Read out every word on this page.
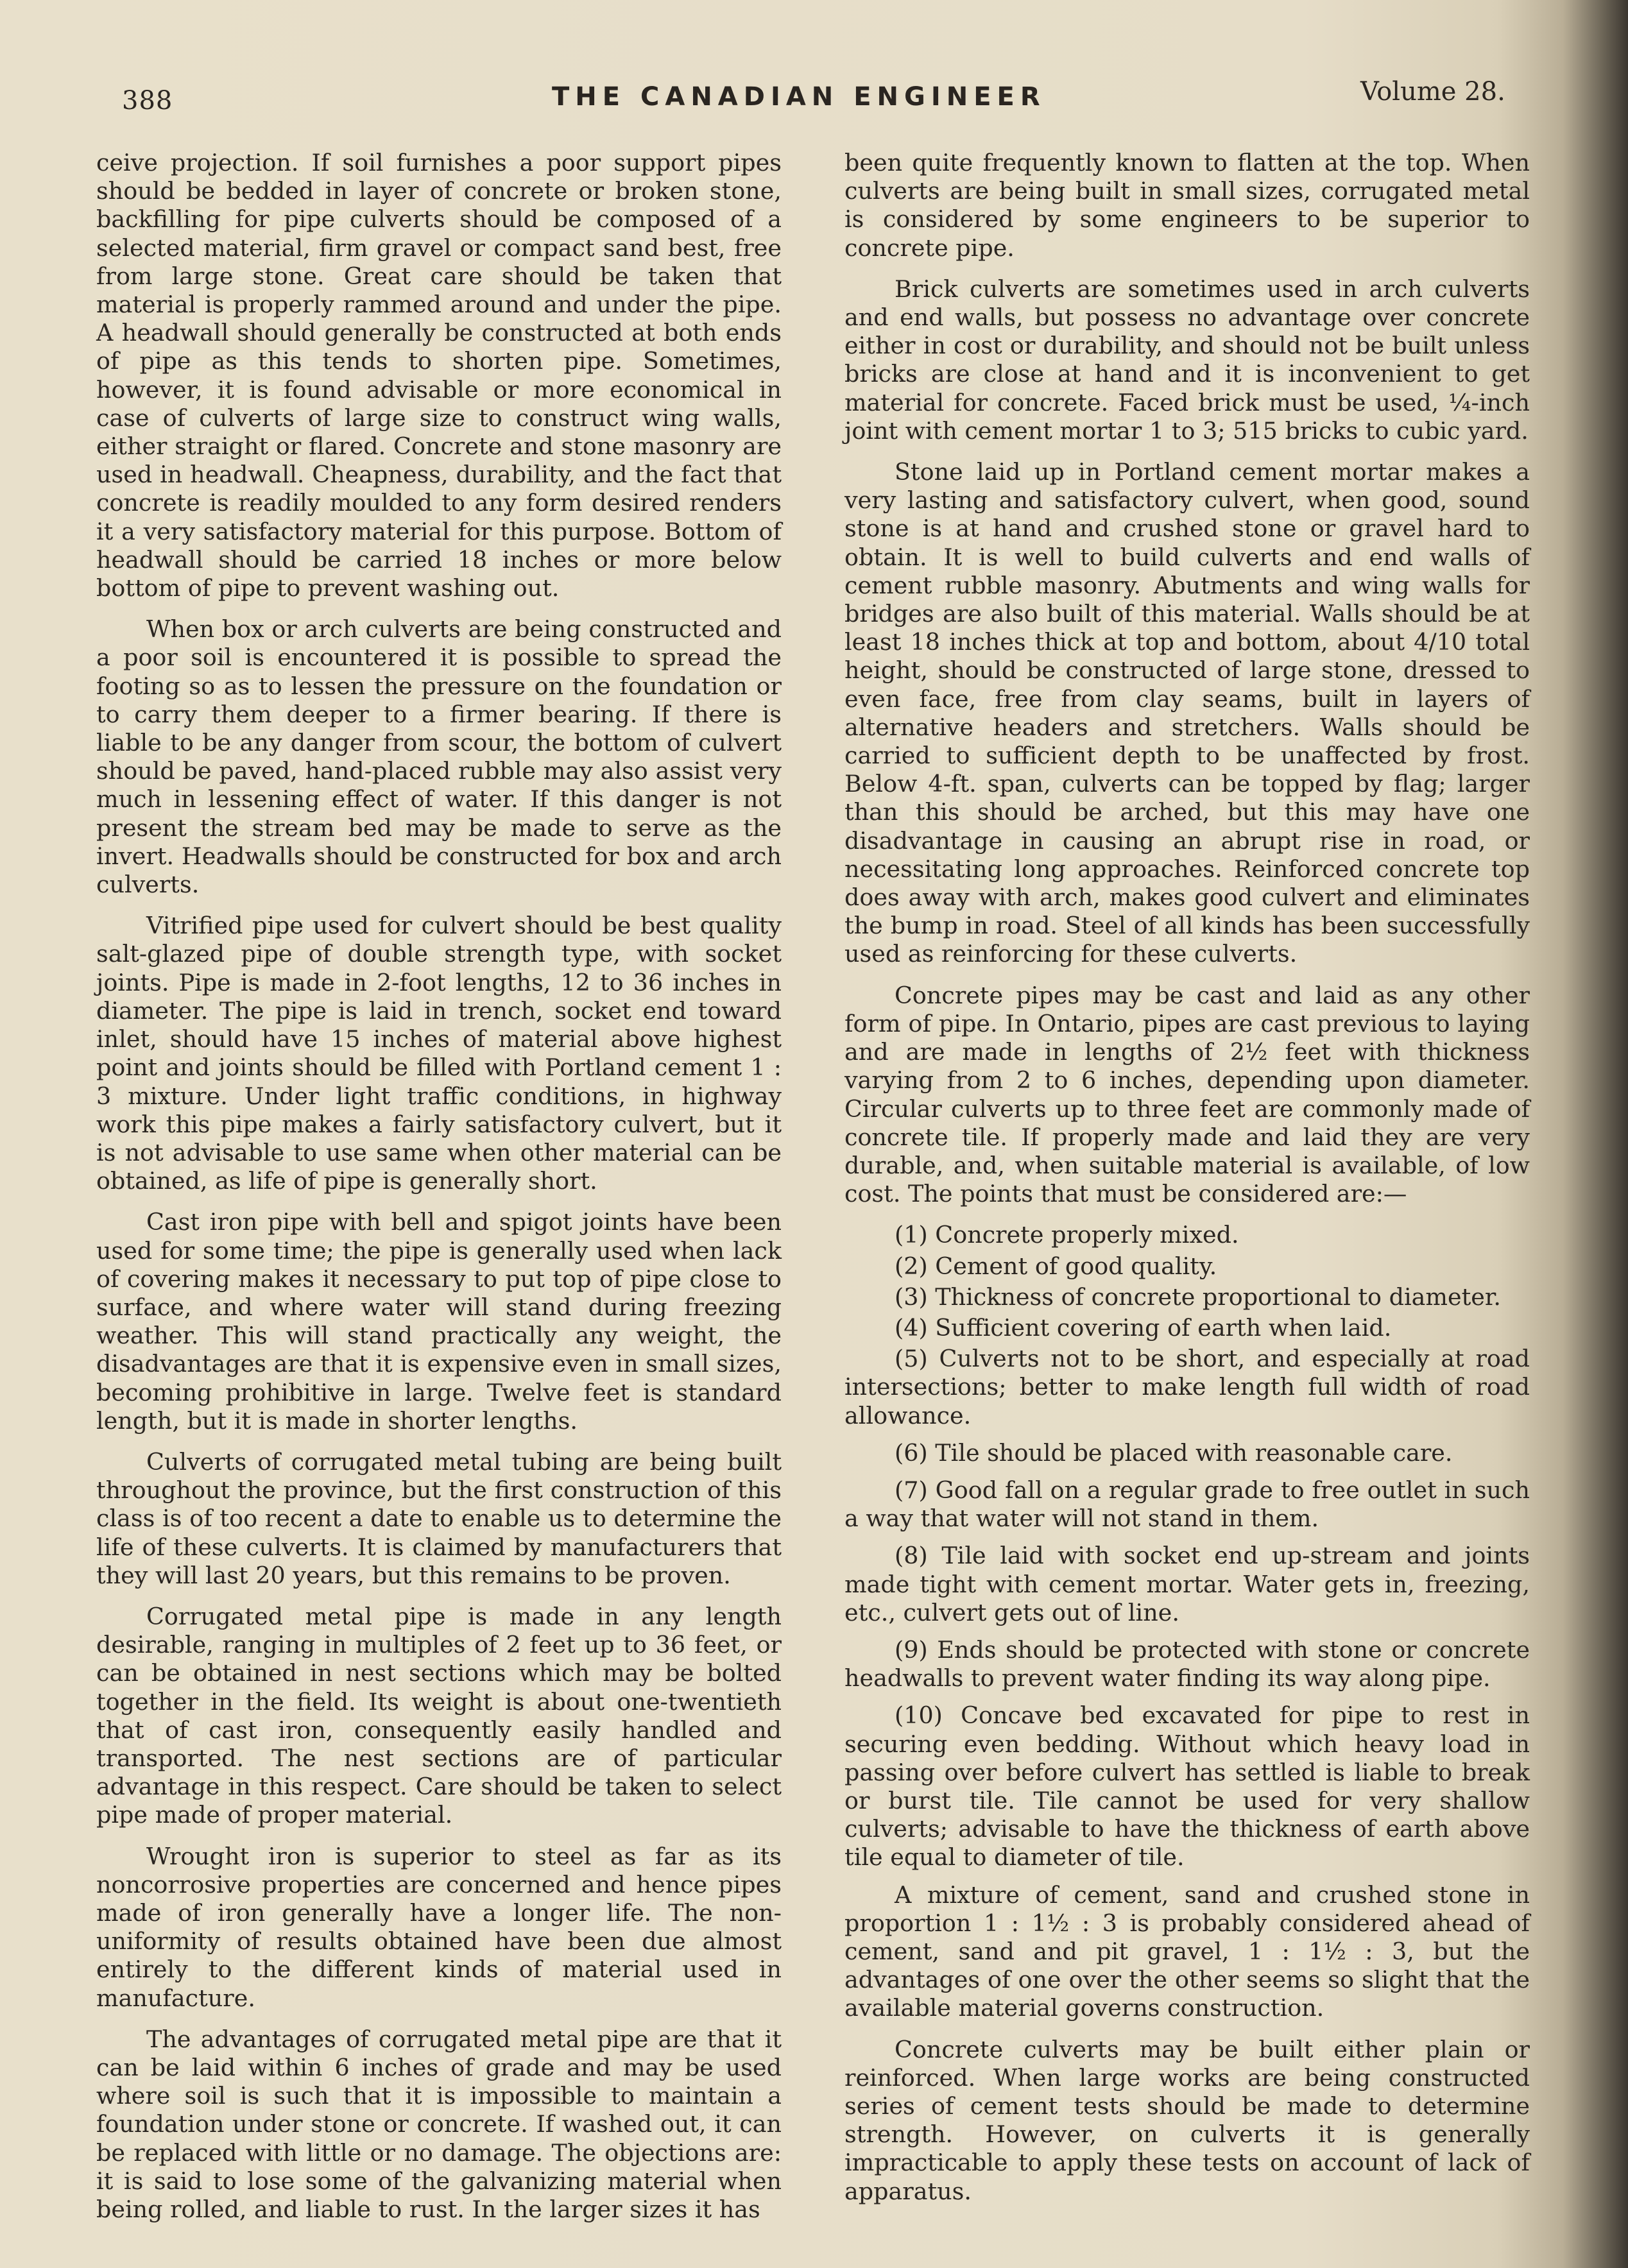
388	THE CANADIAN ENGINEER	Volume 28.

ceive projection. If soil furnishes a poor support pipes should be bedded in layer of concrete or broken stone, backfilling for pipe culverts should be composed of a selected material, firm gravel or compact sand best, free from large stone. Great care should be taken that material is properly rammed around and under the pipe. A headwall should generally be constructed at both ends of pipe as this tends to shorten pipe. Sometimes, however, it is found advisable or more economical in case of culverts of large size to construct wing walls, either straight or flared. Concrete and stone masonry are used in headwall. Cheapness, durability, and the fact that concrete is readily moulded to any form desired renders it a very satisfactory material for this purpose. Bottom of headwall should be carried 18 inches or more below bottom of pipe to prevent washing out.

When box or arch culverts are being constructed and a poor soil is encountered it is possible to spread the footing so as to lessen the pressure on the foundation or to carry them deeper to a firmer bearing. If there is liable to be any danger from scour, the bottom of culvert should be paved, hand-placed rubble may also assist very much in lessening effect of water. If this danger is not present the stream bed may be made to serve as the invert. Headwalls should be constructed for box and arch culverts.

Vitrified pipe used for culvert should be best quality salt-glazed pipe of double strength type, with socket joints. Pipe is made in 2-foot lengths, 12 to 36 inches in diameter. The pipe is laid in trench, socket end toward inlet, should have 15 inches of material above highest point and joints should be filled with Portland cement 1 : 3 mixture. Under light traffic conditions, in highway work this pipe makes a fairly satisfactory culvert, but it is not advisable to use same when other material can be obtained, as life of pipe is generally short.

Cast iron pipe with bell and spigot joints have been used for some time; the pipe is generally used when lack of covering makes it necessary to put top of pipe close to surface, and where water will stand during freezing weather. This will stand practically any weight, the disadvantages are that it is expensive even in small sizes, becoming prohibitive in large. Twelve feet is standard length, but it is made in shorter lengths.

Culverts of corrugated metal tubing are being built throughout the province, but the first construction of this class is of too recent a date to enable us to determine the life of these culverts. It is claimed by manufacturers that they will last 20 years, but this remains to be proven.

Corrugated metal pipe is made in any length desirable, ranging in multiples of 2 feet up to 36 feet, or can be obtained in nest sections which may be bolted together in the field. Its weight is about one-twentieth that of cast iron, consequently easily handled and transported. The nest sections are of particular advantage in this respect. Care should be taken to select pipe made of proper material.

Wrought iron is superior to steel as far as its noncorrosive properties are concerned and hence pipes made of iron generally have a longer life. The non-uniformity of results obtained have been due almost entirely to the different kinds of material used in manufacture.

The advantages of corrugated metal pipe are that it can be laid within 6 inches of grade and may be used where soil is such that it is impossible to maintain a foundation under stone or concrete. If washed out, it can be replaced with little or no damage. The objections are: it is said to lose some of the galvanizing material when being rolled, and liable to rust. In the larger sizes it has

been quite frequently known to flatten at the top. When culverts are being built in small sizes, corrugated metal is considered by some engineers to be superior to concrete pipe.

Brick culverts are sometimes used in arch culverts and end walls, but possess no advantage over concrete either in cost or durability, and should not be built unless bricks are close at hand and it is inconvenient to get material for concrete. Faced brick must be used, ¼-inch joint with cement mortar 1 to 3; 515 bricks to cubic yard.

Stone laid up in Portland cement mortar makes a very lasting and satisfactory culvert, when good, sound stone is at hand and crushed stone or gravel hard to obtain. It is well to build culverts and end walls of cement rubble masonry. Abutments and wing walls for bridges are also built of this material. Walls should be at least 18 inches thick at top and bottom, about 4/10 total height, should be constructed of large stone, dressed to even face, free from clay seams, built in layers of alternative headers and stretchers. Walls should be carried to sufficient depth to be unaffected by frost. Below 4-ft. span, culverts can be topped by flag; larger than this should be arched, but this may have one disadvantage in causing an abrupt rise in road, or necessitating long approaches. Reinforced concrete top does away with arch, makes good culvert and eliminates the bump in road. Steel of all kinds has been successfully used as reinforcing for these culverts.

Concrete pipes may be cast and laid as any other form of pipe. In Ontario, pipes are cast previous to laying and are made in lengths of 2½ feet with thickness varying from 2 to 6 inches, depending upon diameter. Circular culverts up to three feet are commonly made of concrete tile. If properly made and laid they are very durable, and, when suitable material is available, of low cost. The points that must be considered are:—

(1) Concrete properly mixed.

(2) Cement of good quality.

(3) Thickness of concrete proportional to diameter.

(4) Sufficient covering of earth when laid.

(5) Culverts not to be short, and especially at road intersections; better to make length full width of road allowance.

(6) Tile should be placed with reasonable care.

(7) Good fall on a regular grade to free outlet in such a way that water will not stand in them.

(8) Tile laid with socket end up-stream and joints made tight with cement mortar. Water gets in, freezing, etc., culvert gets out of line.

(9) Ends should be protected with stone or concrete headwalls to prevent water finding its way along pipe.

(10) Concave bed excavated for pipe to rest in securing even bedding. Without which heavy load in passing over before culvert has settled is liable to break or burst tile. Tile cannot be used for very shallow culverts; advisable to have the thickness of earth above tile equal to diameter of tile.

A mixture of cement, sand and crushed stone in proportion 1 : 1½ : 3 is probably considered ahead of cement, sand and pit gravel, 1 : 1½ : 3, but the advantages of one over the other seems so slight that the available material governs construction.

Concrete culverts may be built either plain or reinforced. When large works are being constructed series of cement tests should be made to determine strength. However, on culverts it is generally impracticable to apply these tests on account of lack of apparatus.
